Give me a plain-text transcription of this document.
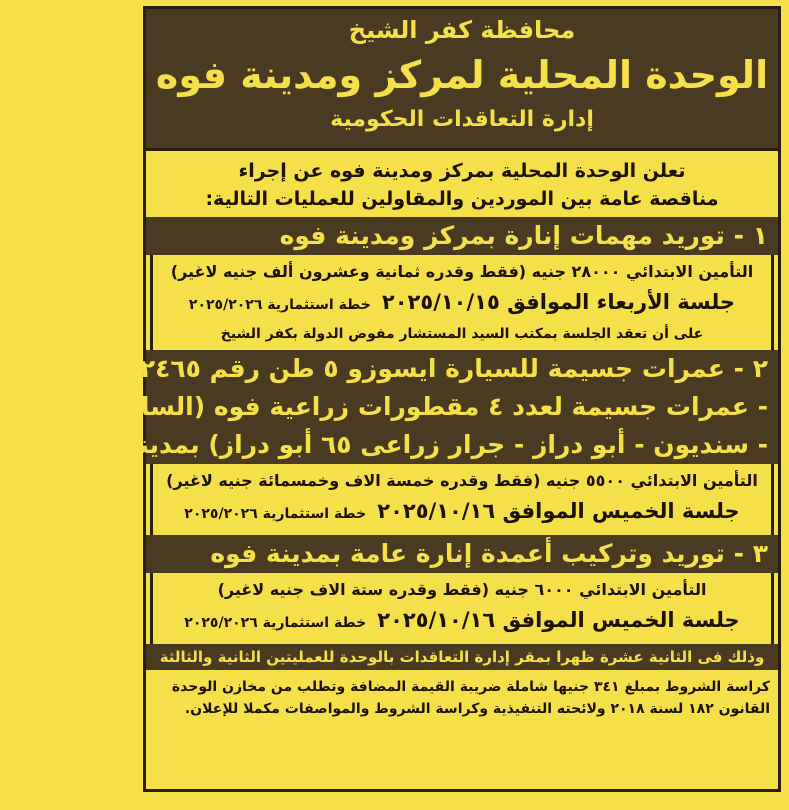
محافظة كفر الشيخ
الوحدة المحلية لمركز ومدينة فوه
إدارة التعاقدات الحكومية
تعلن الوحدة المحلية بمركز ومدينة فوه عن إجراء
مناقصة عامة بين الموردين والمقاولين للعمليات التالية:
١ - توريد مهمات إنارة بمركز ومدينة فوه
التأمين الابتدائي ٢٨٠٠٠ جنيه (فقط وقدره ثمانية وعشرون ألف جنيه لاغير)
جلسة الأربعاء الموافق ٢٠٢٥/١٠/١٥ خطة استثمارية ٢٠٢٥/٢٠٢٦
على أن تعقد الجلسة بمكتب السيد المستشار مفوض الدولة بكفر الشيخ
٢ - عمرات جسيمة للسيارة ايسوزو ٥ طن رقم ٢٤٦٥ بمدينة فوه
- عمرات جسيمة لعدد ٤ مقطورات زراعية فوه (السالمية
- سنديون - أبو دراز - جرار زراعى ٦٥ أبو دراز) بمدينة فوه
التأمين الابتدائي ٥٥٠٠ جنيه (فقط وقدره خمسة الاف وخمسمائة جنيه لاغير)
جلسة الخميس الموافق ٢٠٢٥/١٠/١٦ خطة استثمارية ٢٠٢٥/٢٠٢٦
٣ - توريد وتركيب أعمدة إنارة عامة بمدينة فوه
التأمين الابتدائي ٦٠٠٠ جنيه (فقط وقدره ستة الاف جنيه لاغير)
جلسة الخميس الموافق ٢٠٢٥/١٠/١٦ خطة استثمارية ٢٠٢٥/٢٠٢٦
وذلك فى الثانية عشرة ظهرا بمقر إدارة التعاقدات بالوحدة للعمليتين الثانية والثالثة
كراسة الشروط بمبلغ ٣٤١ جنيها شاملة ضريبة القيمة المضافة وتطلب من مخازن الوحدة
القانون ١٨٢ لسنة ٢٠١٨ ولائحته التنفيذية وكراسة الشروط والمواصفات مكملا للإعلان.
